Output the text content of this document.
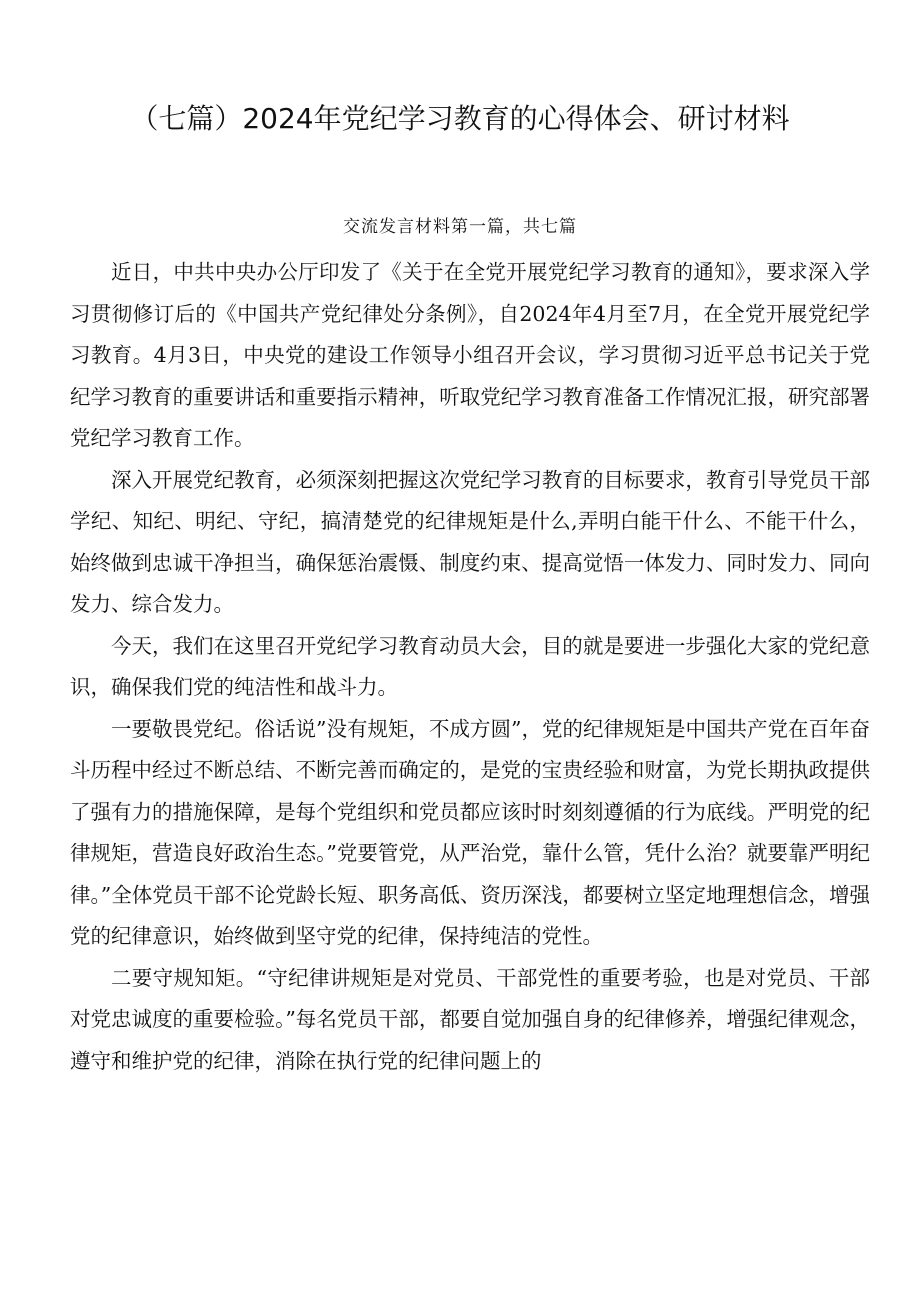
（七篇）2024年党纪学习教育的心得体会、研讨材料
交流发言材料第一篇，共七篇

近日，中共中央办公厅印发了《关于在全党开展党纪学习教育的通知》，要求深入学习贯彻修订后的《中国共产党纪律处分条例》，自2024年4月至7月，在全党开展党纪学习教育。4月3日，中央党的建设工作领导小组召开会议，学习贯彻习近平总书记关于党纪学习教育的重要讲话和重要指示精神，听取党纪学习教育准备工作情况汇报，研究部署党纪学习教育工作。

深入开展党纪教育，必须深刻把握这次党纪学习教育的目标要求，教育引导党员干部学纪、知纪、明纪、守纪，搞清楚党的纪律规矩是什么,弄明白能干什么、不能干什么，始终做到忠诚干净担当，确保惩治震慑、制度约束、提高觉悟一体发力、同时发力、同向发力、综合发力。

今天，我们在这里召开党纪学习教育动员大会，目的就是要进一步强化大家的党纪意识，确保我们党的纯洁性和战斗力。

一要敬畏党纪。俗话说”没有规矩，不成方圆”，党的纪律规矩是中国共产党在百年奋斗历程中经过不断总结、不断完善而确定的，是党的宝贵经验和财富，为党长期执政提供了强有力的措施保障，是每个党组织和党员都应该时时刻刻遵循的行为底线。严明党的纪律规矩，营造良好政治生态。”党要管党，从严治党，靠什么管，凭什么治？就要靠严明纪律。”全体党员干部不论党龄长短、职务高低、资历深浅，都要树立坚定地理想信念，增强党的纪律意识，始终做到坚守党的纪律，保持纯洁的党性。

二要守规知矩。“守纪律讲规矩是对党员、干部党性的重要考验，也是对党员、干部对党忠诚度的重要检验。”每名党员干部，都要自觉加强自身的纪律修养，增强纪律观念，遵守和维护党的纪律，消除在执行党的纪律问题上的
